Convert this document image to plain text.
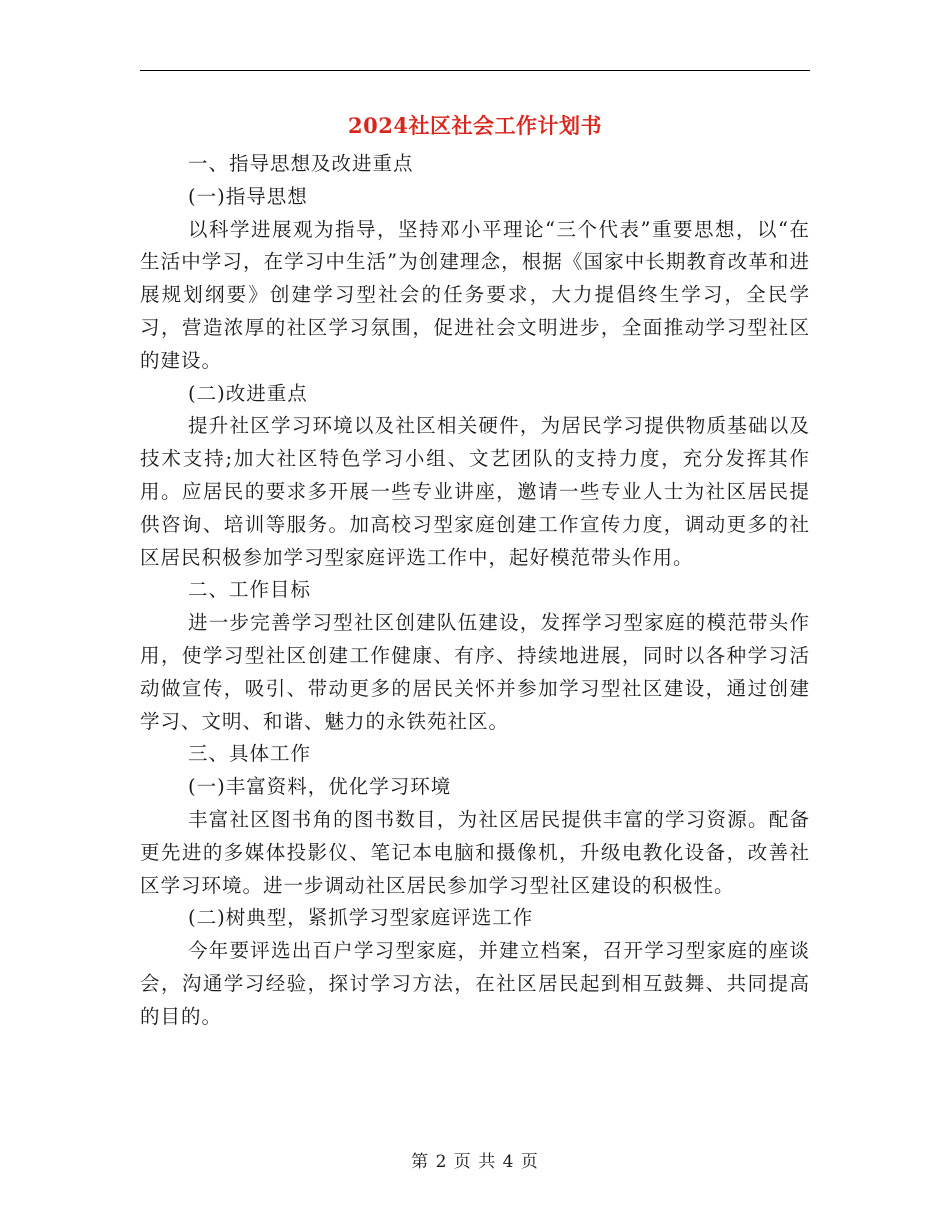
2024社区社会工作计划书

一、指导思想及改进重点

(一)指导思想

以科学进展观为指导，坚持邓小平理论“三个代表”重要思想，以“在生活中学习，在学习中生活”为创建理念，根据《国家中长期教育改革和进展规划纲要》创建学习型社会的任务要求，大力提倡终生学习，全民学习，营造浓厚的社区学习氛围，促进社会文明进步，全面推动学习型社区的建设。

(二)改进重点

提升社区学习环境以及社区相关硬件，为居民学习提供物质基础以及技术支持;加大社区特色学习小组、文艺团队的支持力度，充分发挥其作用。应居民的要求多开展一些专业讲座，邀请一些专业人士为社区居民提供咨询、培训等服务。加高校习型家庭创建工作宣传力度，调动更多的社区居民积极参加学习型家庭评选工作中，起好模范带头作用。

二、工作目标

进一步完善学习型社区创建队伍建设，发挥学习型家庭的模范带头作用，使学习型社区创建工作健康、有序、持续地进展，同时以各种学习活动做宣传，吸引、带动更多的居民关怀并参加学习型社区建设，通过创建学习、文明、和谐、魅力的永铁苑社区。

三、具体工作

(一)丰富资料，优化学习环境

丰富社区图书角的图书数目，为社区居民提供丰富的学习资源。配备更先进的多媒体投影仪、笔记本电脑和摄像机，升级电教化设备，改善社区学习环境。进一步调动社区居民参加学习型社区建设的积极性。

(二)树典型，紧抓学习型家庭评选工作

今年要评选出百户学习型家庭，并建立档案，召开学习型家庭的座谈会，沟通学习经验，探讨学习方法，在社区居民起到相互鼓舞、共同提高的目的。

第 2 页 共 4 页
